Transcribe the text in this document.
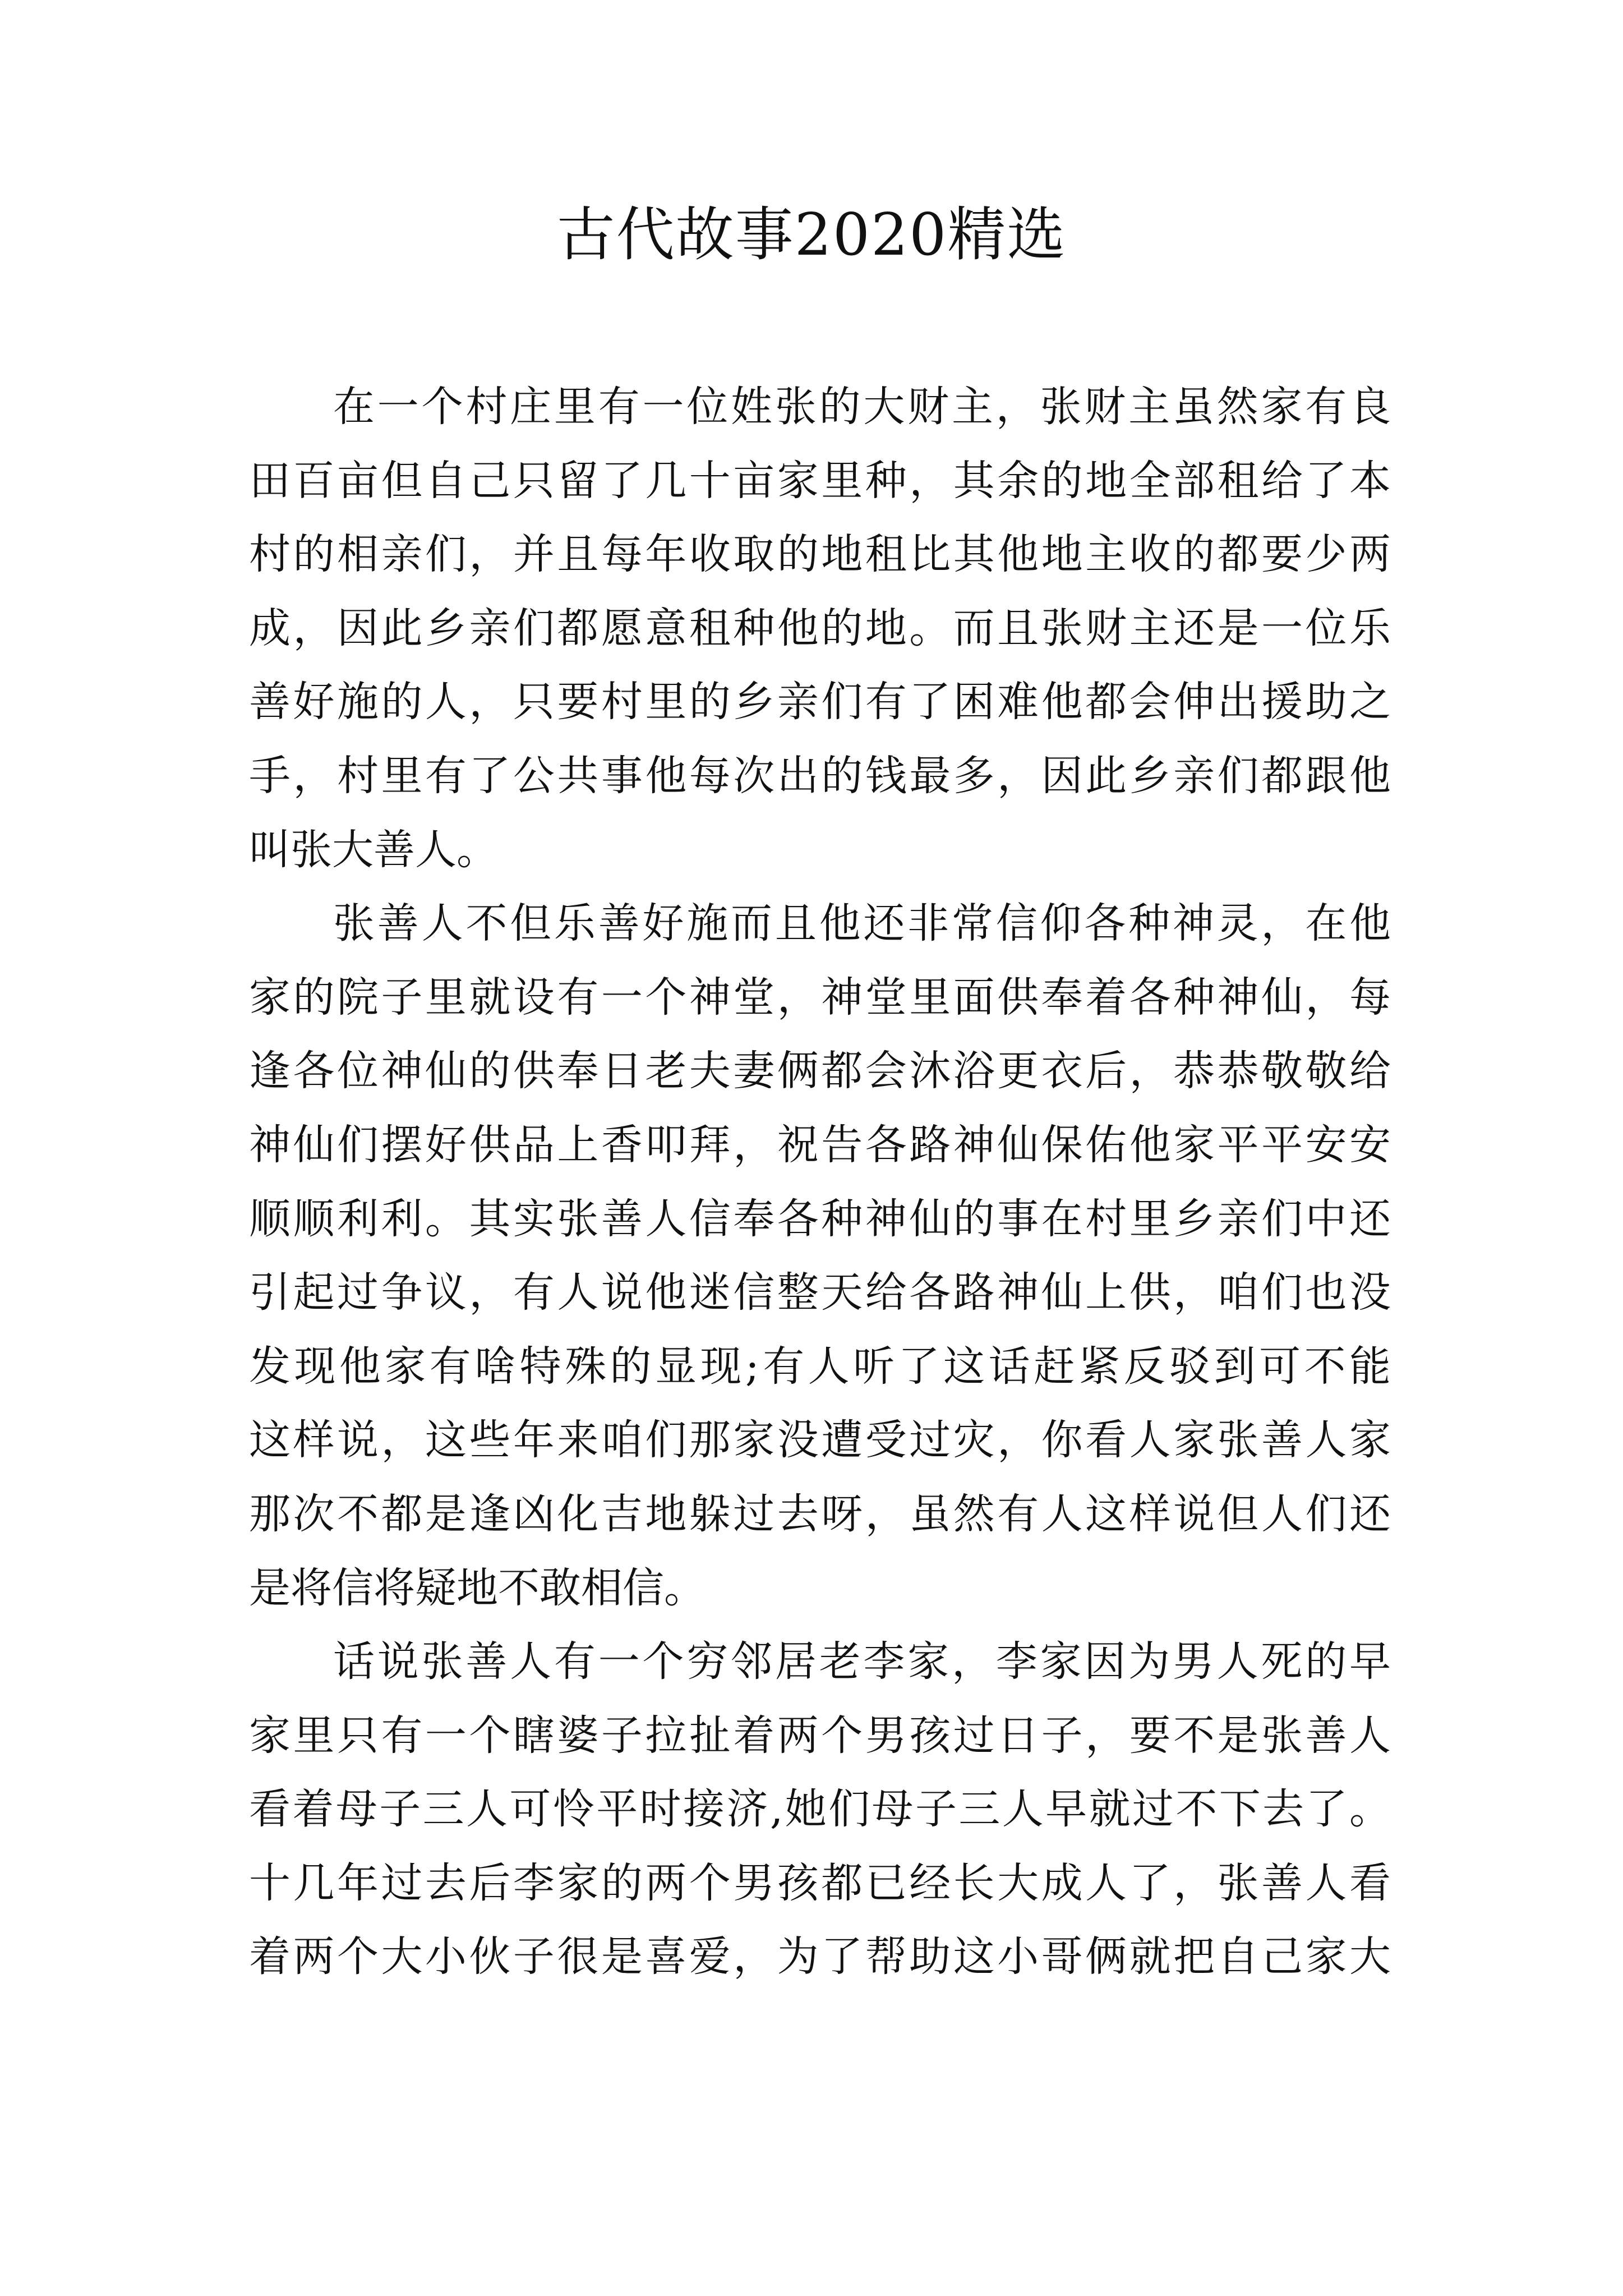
古代故事2020精选
在一个村庄里有一位姓张的大财主，张财主虽然家有良
田百亩但自己只留了几十亩家里种，其余的地全部租给了本
村的相亲们，并且每年收取的地租比其他地主收的都要少两
成，因此乡亲们都愿意租种他的地。而且张财主还是一位乐
善好施的人，只要村里的乡亲们有了困难他都会伸出援助之
手，村里有了公共事他每次出的钱最多，因此乡亲们都跟他
叫张大善人。
张善人不但乐善好施而且他还非常信仰各种神灵，在他
家的院子里就设有一个神堂，神堂里面供奉着各种神仙，每
逢各位神仙的供奉日老夫妻俩都会沐浴更衣后，恭恭敬敬给
神仙们摆好供品上香叩拜，祝告各路神仙保佑他家平平安安
顺顺利利。其实张善人信奉各种神仙的事在村里乡亲们中还
引起过争议，有人说他迷信整天给各路神仙上供，咱们也没
发现他家有啥特殊的显现;有人听了这话赶紧反驳到可不能
这样说，这些年来咱们那家没遭受过灾，你看人家张善人家
那次不都是逢凶化吉地躲过去呀，虽然有人这样说但人们还
是将信将疑地不敢相信。
话说张善人有一个穷邻居老李家，李家因为男人死的早
家里只有一个瞎婆子拉扯着两个男孩过日子，要不是张善人
看着母子三人可怜平时接济,她们母子三人早就过不下去了。
十几年过去后李家的两个男孩都已经长大成人了，张善人看
着两个大小伙子很是喜爱，为了帮助这小哥俩就把自己家大
